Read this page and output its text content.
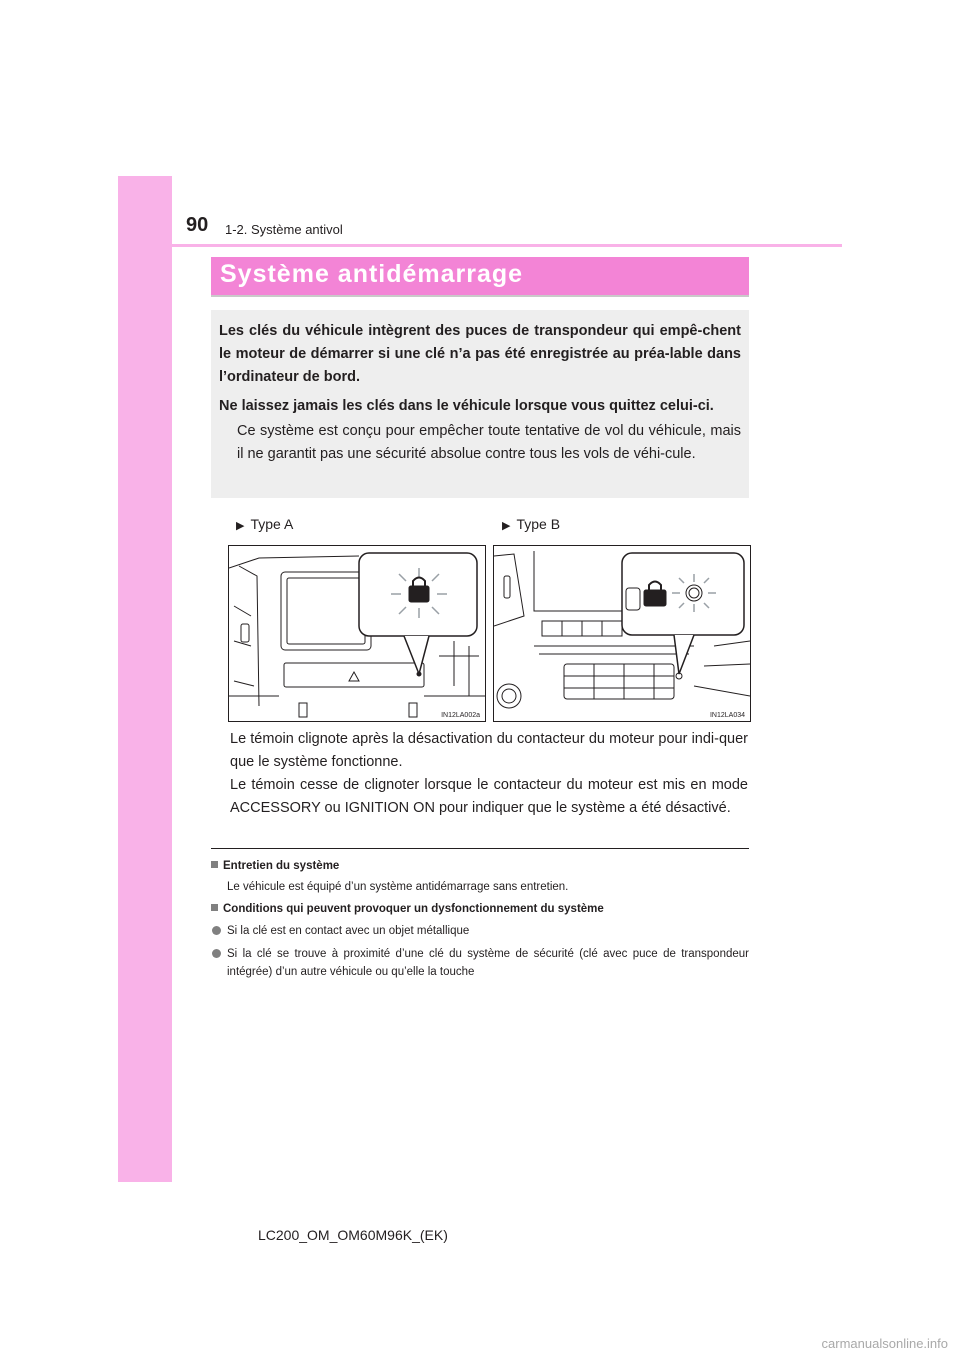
90 1-2. Système antivol
Système antidémarrage

Les clés du véhicule intègrent des puces de transpondeur qui empê-chent le moteur de démarrer si une clé n’a pas été enregistrée au préa-lable dans l’ordinateur de bord.

Ne laissez jamais les clés dans le véhicule lorsque vous quittez celui-ci.

Ce système est conçu pour empêcher toute tentative de vol du véhicule, mais il ne garantit pas une sécurité absolue contre tous les vols de véhi-cule.

▶ Type A	▶ Type B
IN12LA002a	IN12LA034

Le témoin clignote après la désactivation du contacteur du moteur pour indi-quer que le système fonctionne.

Le témoin cesse de clignoter lorsque le contacteur du moteur est mis en mode ACCESSORY ou IGNITION ON pour indiquer que le système a été désactivé.

Entretien du système
Le véhicule est équipé d’un système antidémarrage sans entretien.
Conditions qui peuvent provoquer un dysfonctionnement du système
Si la clé est en contact avec un objet métallique
Si la clé se trouve à proximité d’une clé du système de sécurité (clé avec puce de transpondeur intégrée) d’un autre véhicule ou qu’elle la touche
LC200_OM_OM60M96K_(EK)
carmanualsonline.info
